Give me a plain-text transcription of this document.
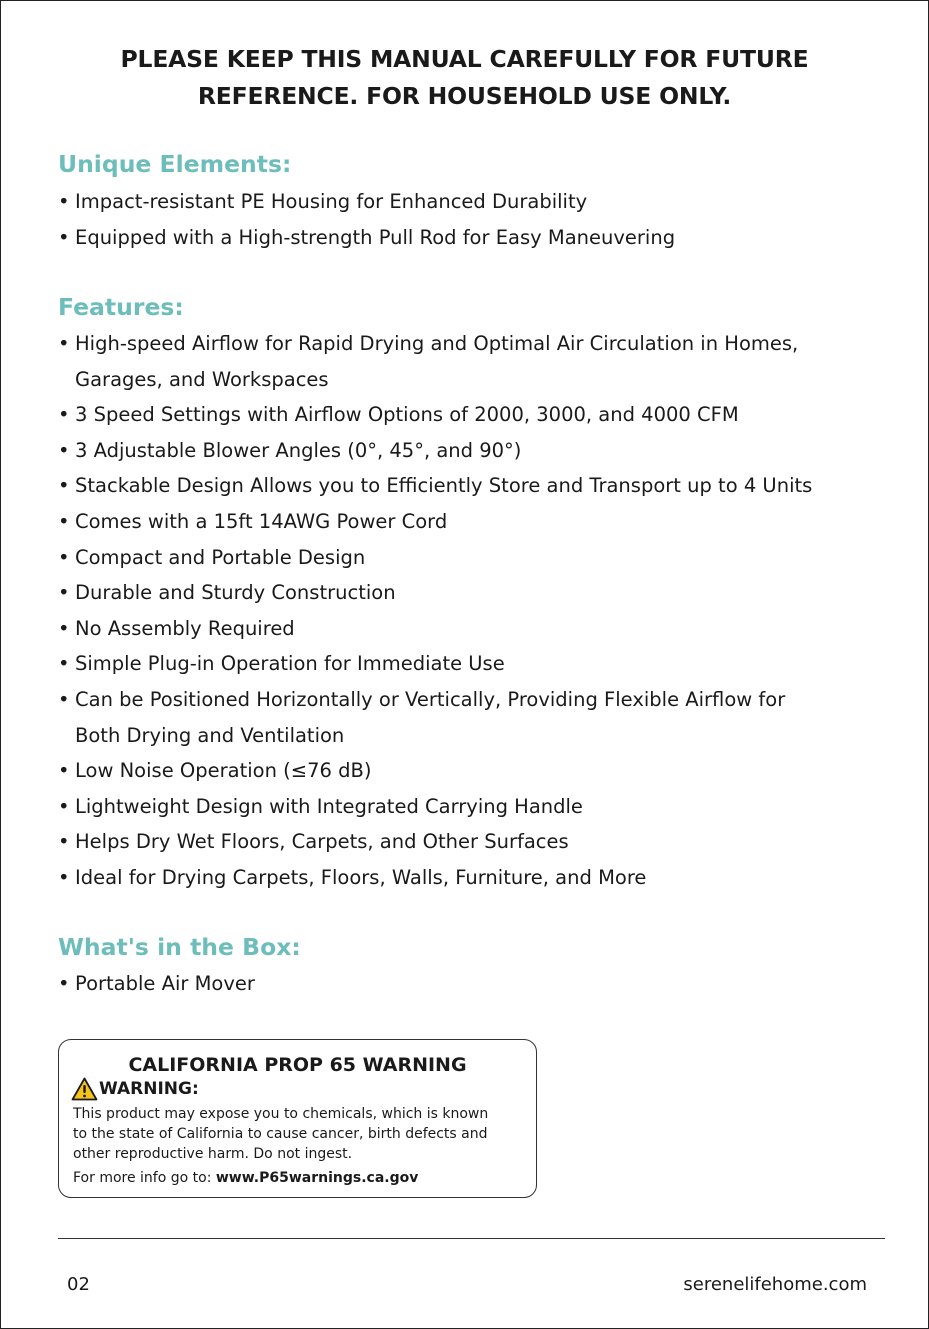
PLEASE KEEP THIS MANUAL CAREFULLY FOR FUTURE
REFERENCE. FOR HOUSEHOLD USE ONLY.
Unique Elements:
• Impact-resistant PE Housing for Enhanced Durability
• Equipped with a High-strength Pull Rod for Easy Maneuvering
Features:
• High-speed Airflow for Rapid Drying and Optimal Air Circulation in Homes,
Garages, and Workspaces
• 3 Speed Settings with Airflow Options of 2000, 3000, and 4000 CFM
• 3 Adjustable Blower Angles (0°, 45°, and 90°)
• Stackable Design Allows you to Efficiently Store and Transport up to 4 Units
• Comes with a 15ft 14AWG Power Cord
• Compact and Portable Design
• Durable and Sturdy Construction
• No Assembly Required
• Simple Plug-in Operation for Immediate Use
• Can be Positioned Horizontally or Vertically, Providing Flexible Airflow for
Both Drying and Ventilation
• Low Noise Operation (≤76 dB)
• Lightweight Design with Integrated Carrying Handle
• Helps Dry Wet Floors, Carpets, and Other Surfaces
• Ideal for Drying Carpets, Floors, Walls, Furniture, and More
What's in the Box:
• Portable Air Mover
CALIFORNIA PROP 65 WARNING
WARNING:

This product may expose you to chemicals, which is known

to the state of California to cause cancer, birth defects and

other reproductive harm. Do not ingest.

For more info go to: www.P65warnings.ca.gov
02	serenelifehome.com
